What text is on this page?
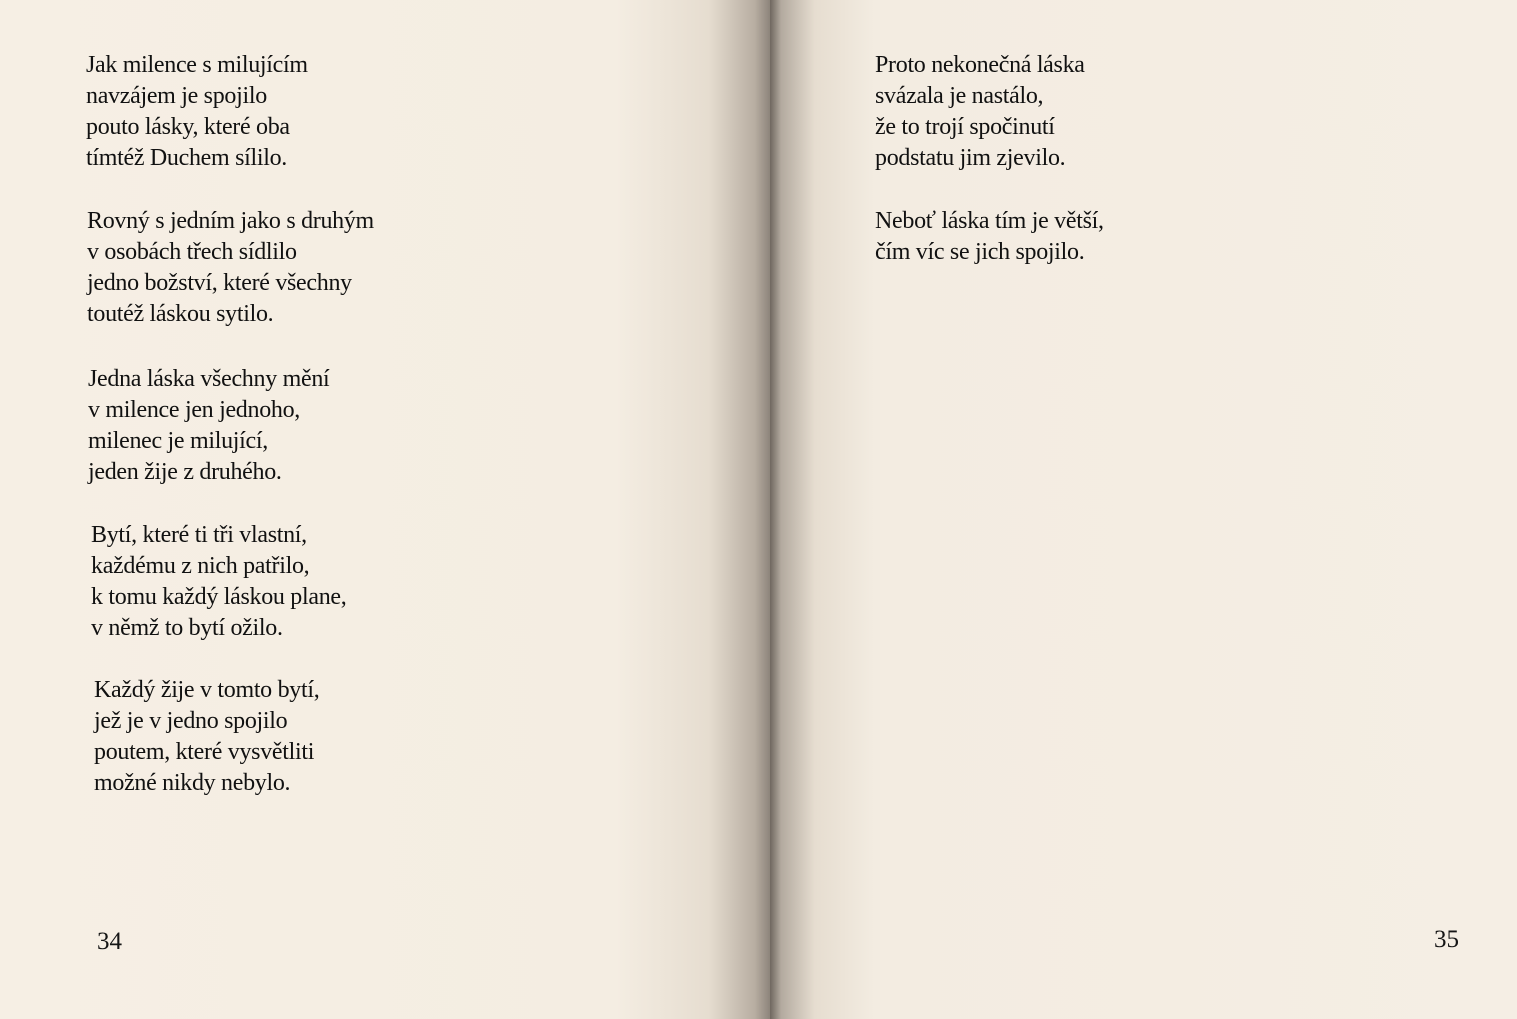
Jak milence s milujícím
navzájem je spojilo
pouto lásky, které oba
tímtéž Duchem sílilo.

Rovný s jedním jako s druhým
v osobách třech sídlilo
jedno božství, které všechny
toutéž láskou sytilo.

Jedna láska všechny mění
v milence jen jednoho,
milenec je milující,
jeden žije z druhého.

Bytí, které ti tři vlastní,
každému z nich patřilo,
k tomu každý láskou plane,
v němž to bytí ožilo.

Každý žije v tomto bytí,
jež je v jedno spojilo
poutem, které vysvětliti
možné nikdy nebylo.

34

Proto nekonečná láska
svázala je nastálo,
že to trojí spočinutí
podstatu jim zjevilo.

Neboť láska tím je větší,
čím víc se jich spojilo.

35
